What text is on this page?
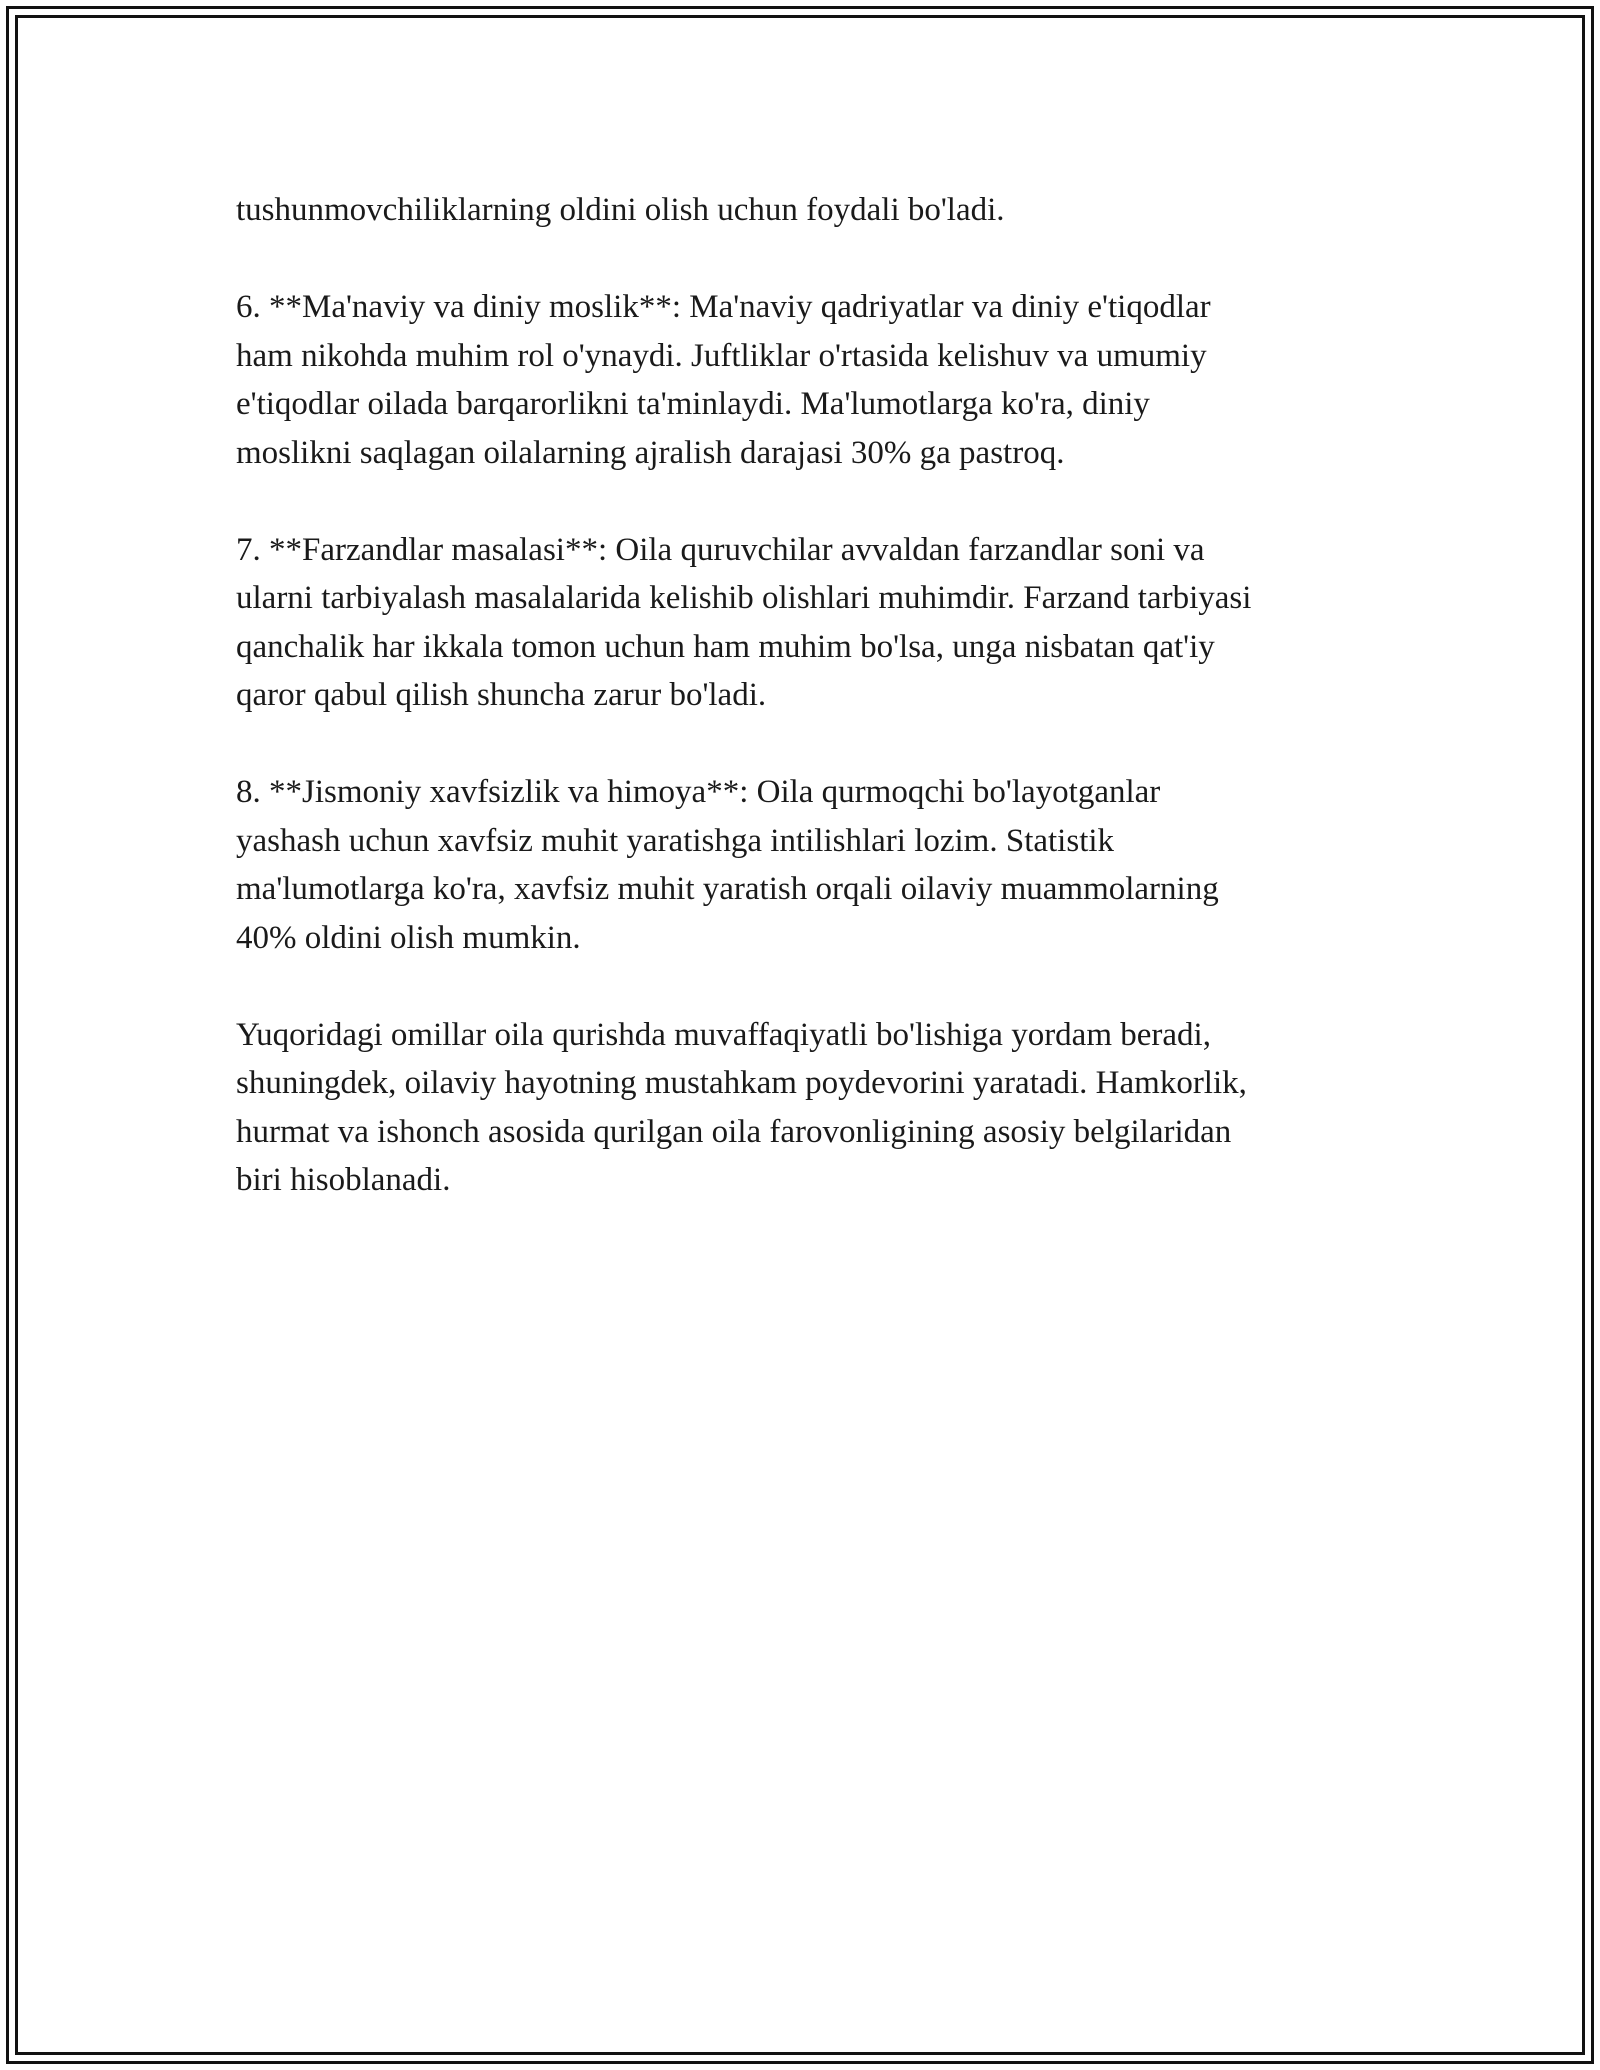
tushunmovchiliklarning oldini olish uchun foydali bo'ladi.

6. **Ma'naviy va diniy moslik**: Ma'naviy qadriyatlar va diniy e'tiqodlar
ham nikohda muhim rol o'ynaydi. Juftliklar o'rtasida kelishuv va umumiy
e'tiqodlar oilada barqarorlikni ta'minlaydi. Ma'lumotlarga ko'ra, diniy
moslikni saqlagan oilalarning ajralish darajasi 30% ga pastroq.

7. **Farzandlar masalasi**: Oila quruvchilar avvaldan farzandlar soni va
ularni tarbiyalash masalalarida kelishib olishlari muhimdir. Farzand tarbiyasi
qanchalik har ikkala tomon uchun ham muhim bo'lsa, unga nisbatan qat'iy
qaror qabul qilish shuncha zarur bo'ladi.

8. **Jismoniy xavfsizlik va himoya**: Oila qurmoqchi bo'layotganlar
yashash uchun xavfsiz muhit yaratishga intilishlari lozim. Statistik
ma'lumotlarga ko'ra, xavfsiz muhit yaratish orqali oilaviy muammolarning
40% oldini olish mumkin.

Yuqoridagi omillar oila qurishda muvaffaqiyatli bo'lishiga yordam beradi,
shuningdek, oilaviy hayotning mustahkam poydevorini yaratadi. Hamkorlik,
hurmat va ishonch asosida qurilgan oila farovonligining asosiy belgilaridan
biri hisoblanadi.
